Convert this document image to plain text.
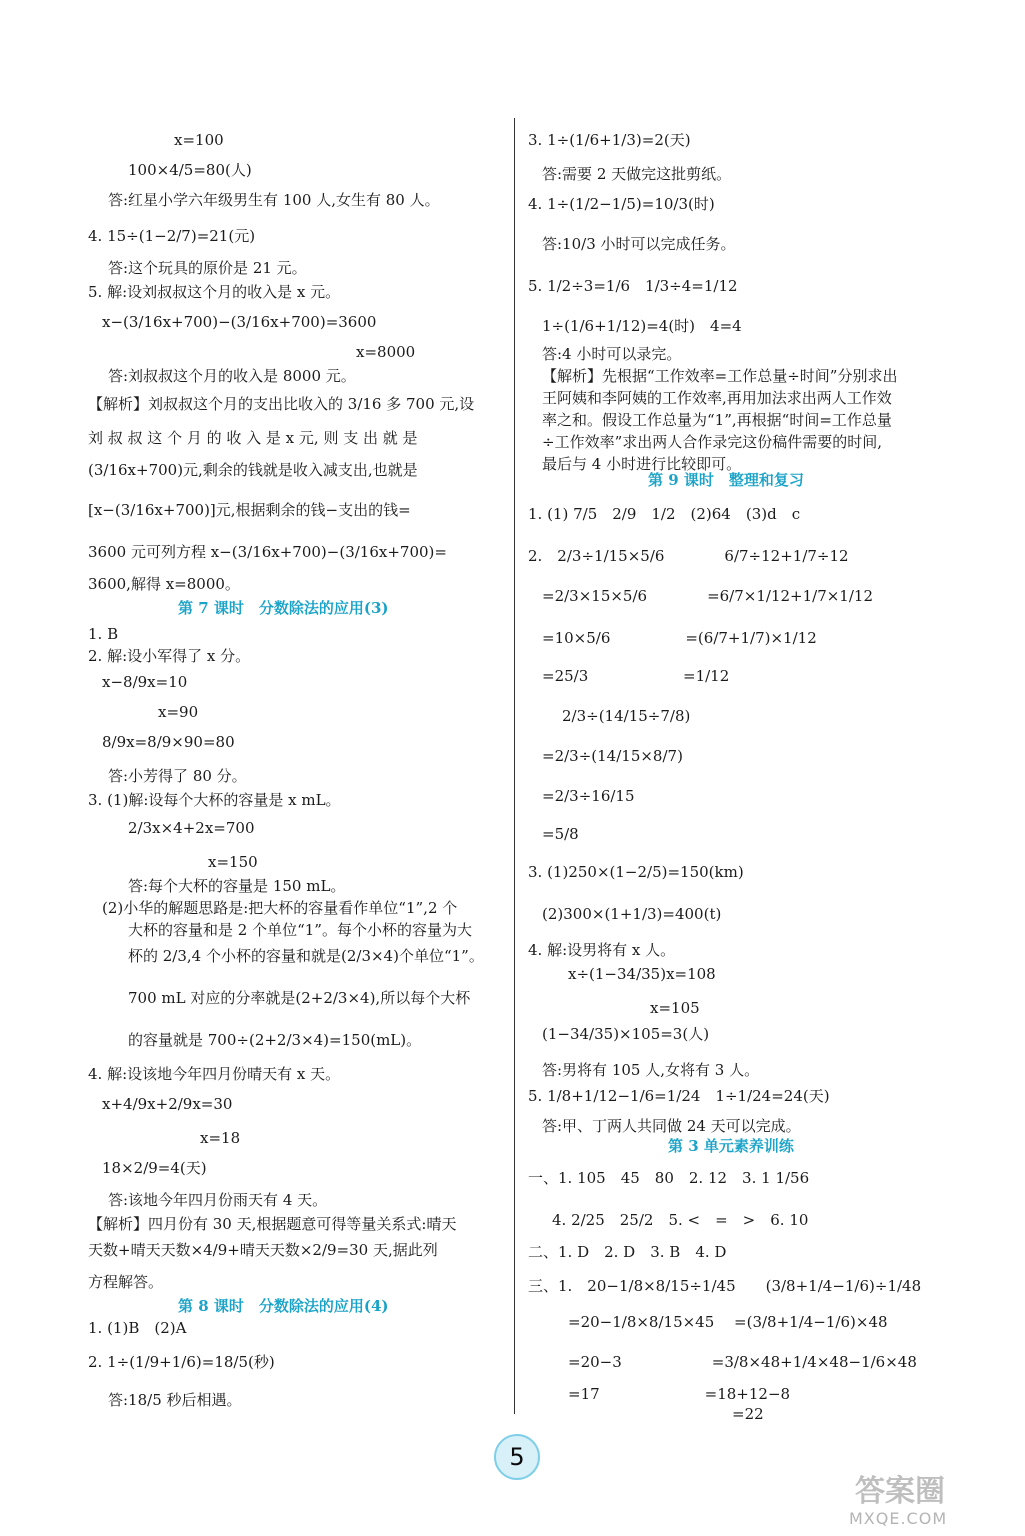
x=100
100×4/5=80(人)
答:红星小学六年级男生有 100 人,女生有 80 人。
4. 15÷(1−2/7)=21(元)
答:这个玩具的原价是 21 元。
5. 解:设刘叔叔这个月的收入是 x 元。
x−(3/16x+700)−(3/16x+700)=3600
x=8000
答:刘叔叔这个月的收入是 8000 元。
【解析】刘叔叔这个月的支出比收入的 3/16 多 700 元,设
刘 叔 叔 这 个 月 的 收 入 是 x 元, 则 支 出 就 是
(3/16x+700)元,剩余的钱就是收入减支出,也就是
[x−(3/16x+700)]元,根据剩余的钱−支出的钱=
3600 元可列方程 x−(3/16x+700)−(3/16x+700)=
3600,解得 x=8000。
第 7 课时　分数除法的应用(3)
1. B
2. 解:设小军得了 x 分。
x−8/9x=10
x=90
8/9x=8/9×90=80
答:小芳得了 80 分。
3. (1)解:设每个大杯的容量是 x mL。
2/3x×4+2x=700
x=150
答:每个大杯的容量是 150 mL。
(2)小华的解题思路是:把大杯的容量看作单位“1”,2 个
大杯的容量和是 2 个单位“1”。每个小杯的容量为大
杯的 2/3,4 个小杯的容量和就是(2/3×4)个单位“1”。
700 mL 对应的分率就是(2+2/3×4),所以每个大杯
的容量就是 700÷(2+2/3×4)=150(mL)。
4. 解:设该地今年四月份晴天有 x 天。
x+4/9x+2/9x=30
x=18
18×2/9=4(天)
答:该地今年四月份雨天有 4 天。
【解析】四月份有 30 天,根据题意可得等量关系式:晴天
天数+晴天天数×4/9+晴天天数×2/9=30 天,据此列
方程解答。
第 8 课时　分数除法的应用(4)
1. (1)B　(2)A
2. 1÷(1/9+1/6)=18/5(秒)
答:18/5 秒后相遇。
3. 1÷(1/6+1/3)=2(天)
答:需要 2 天做完这批剪纸。
4. 1÷(1/2−1/5)=10/3(时)
答:10/3 小时可以完成任务。
5. 1/2÷3=1/6　1/3÷4=1/12
1÷(1/6+1/12)=4(时)　4=4
答:4 小时可以录完。
【解析】先根据“工作效率=工作总量÷时间”分别求出
王阿姨和李阿姨的工作效率,再用加法求出两人工作效
率之和。假设工作总量为“1”,再根据“时间=工作总量
÷工作效率”求出两人合作录完这份稿件需要的时间,
最后与 4 小时进行比较即可。
第 9 课时　整理和复习
1. (1) 7/5　2/9　1/2　(2)64　(3)d　c
2.　2/3÷1/15×5/6　　　　6/7÷12+1/7÷12
=2/3×15×5/6　　　　=6/7×1/12+1/7×1/12
=10×5/6　　　　　=(6/7+1/7)×1/12
=25/3　　　　　　 =1/12
2/3÷(14/15÷7/8)
=2/3÷(14/15×8/7)
=2/3÷16/15
=5/8
3. (1)250×(1−2/5)=150(km)
(2)300×(1+1/3)=400(t)
4. 解:设男将有 x 人。
x÷(1−34/35)x=108
x=105
(1−34/35)×105=3(人)
答:男将有 105 人,女将有 3 人。
5. 1/8+1/12−1/6=1/24　1÷1/24=24(天)
答:甲、丁两人共同做 24 天可以完成。
第 3 单元素养训练
一、1. 105　45　80　2. 12　3. 1 1/56
4. 2/25　25/2　5. <　=　>　6. 10
二、1. D　2. D　3. B　4. D
三、1.　20−1/8×8/15÷1/45　　(3/8+1/4−1/6)÷1/48
=20−1/8×8/15×45　 =(3/8+1/4−1/6)×48
=20−3　　　　　　=3/8×48+1/4×48−1/6×48
=17　　　　　　　=18+12−8
=22
5
答案圈
MXQE.COM
